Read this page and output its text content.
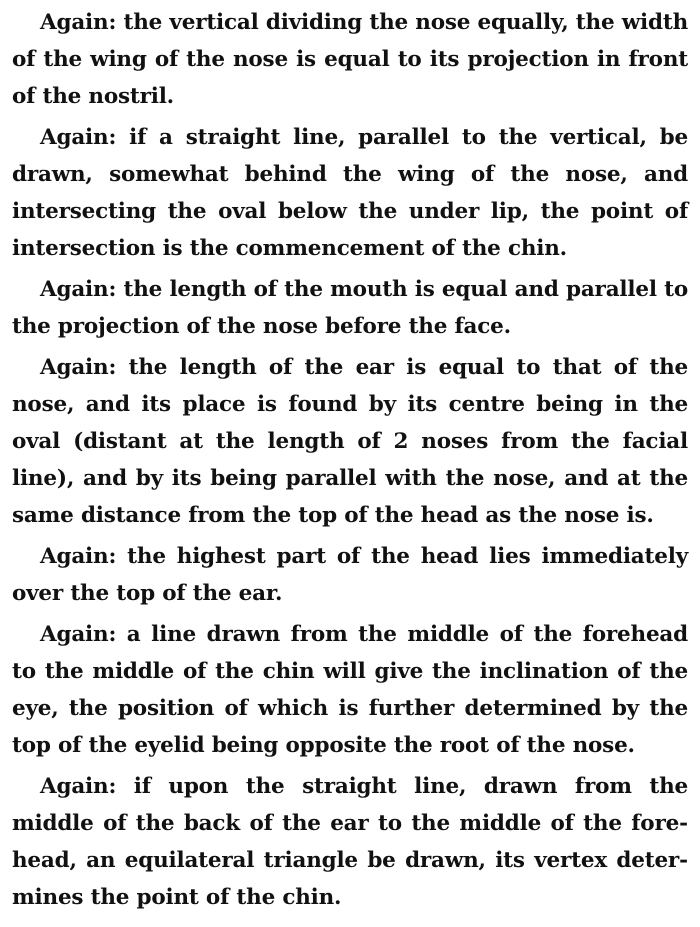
Again: the vertical dividing the nose equally, the width of the wing of the nose is equal to its projection in front of the nostril.

Again: if a straight line, parallel to the vertical, be drawn, somewhat behind the wing of the nose, and intersecting the oval below the under lip, the point of intersection is the commencement of the chin.

Again: the length of the mouth is equal and parallel to the projection of the nose before the face.

Again: the length of the ear is equal to that of the nose, and its place is found by its centre being in the oval (distant at the length of 2 noses from the facial line), and by its being parallel with the nose, and at the same distance from the top of the head as the nose is.

Again: the highest part of the head lies immediately over the top of the ear.

Again: a line drawn from the middle of the forehead to the middle of the chin will give the inclination of the eye, the position of which is further determined by the top of the eyelid being opposite the root of the nose.

Again: if upon the straight line, drawn from the middle of the back of the ear to the middle of the forehead, an equilateral triangle be drawn, its vertex determines the point of the chin.
